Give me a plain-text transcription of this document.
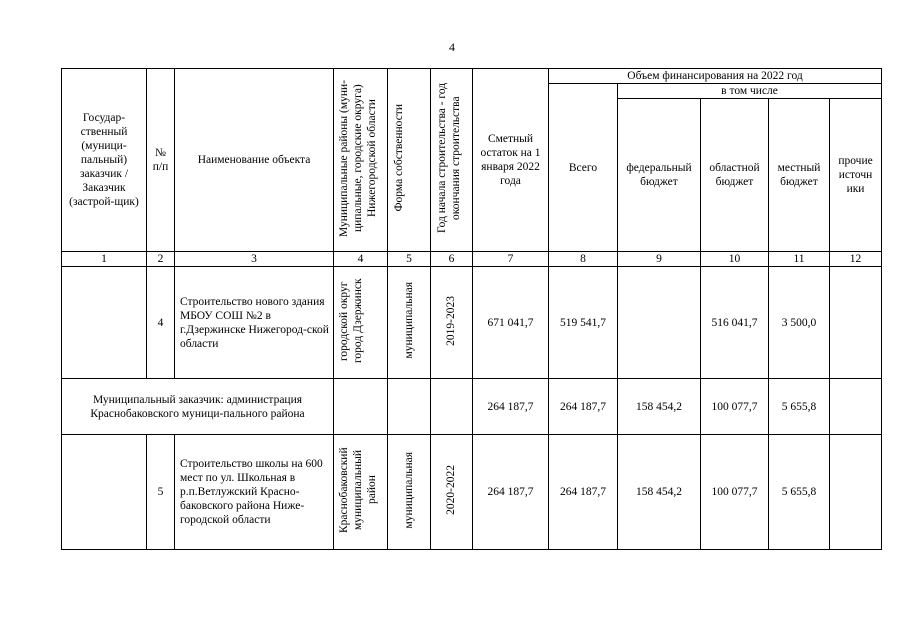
4
Государ-ственный (муници-пальный) заказчик / Заказчик (застрой-щик)	№ п/п	Наименование объекта	Муниципальные районы (муни-ципальные, городские округа) Нижегородской области	Форма собственности	Год начала строительства - год окончания строительства	Сметный остаток на 1 января 2022 года	Объем финансирования на 2022 год				
							Всего	в том числе			
								федеральный бюджет	областной бюджет	местный бюджет	прочие источн ики
1	2	3	4	5	6	7	8	9	10	11	12
	4	Строительство нового здания МБОУ СОШ №2 в г.Дзержинске Нижегород-ской области	городской округ город Дзержинск	муниципальная	2019-2023	671 041,7	519 541,7		516 041,7	3 500,0	
Муниципальный заказчик: администрация Краснобаковского муници-пального района						264 187,7	264 187,7	158 454,2	100 077,7	5 655,8	
	5	Строительство школы на 600 мест по ул. Школьная в р.п.Ветлужский Красно-баковского района Нижe-городской области	Краснобаковский муниципальный район	муниципальная	2020-2022	264 187,7	264 187,7	158 454,2	100 077,7	5 655,8	
